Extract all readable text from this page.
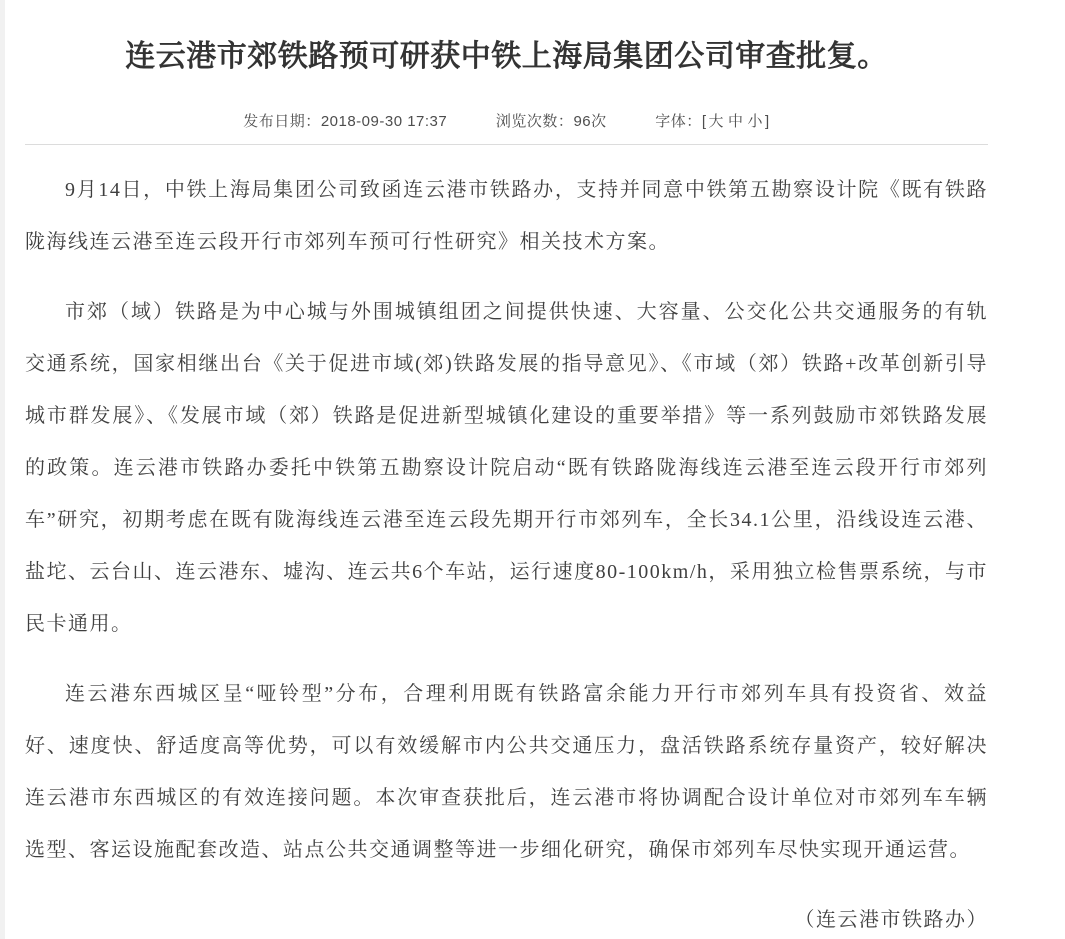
连云港市郊铁路预可研获中铁上海局集团公司审查批复。
发布日期：2018-09-30 17:37	浏览次数：96次	字体：[ 大 中 小 ]

9月14日，中铁上海局集团公司致函连云港市铁路办，支持并同意中铁第五勘察设计院《既有铁路陇海线连云港至连云段开行市郊列车预可行性研究》相关技术方案。

市郊（域）铁路是为中心城与外围城镇组团之间提供快速、大容量、公交化公共交通服务的有轨交通系统，国家相继出台《关于促进市域(郊)铁路发展的指导意见》、《市域（郊）铁路+改革创新引导城市群发展》、《发展市域（郊）铁路是促进新型城镇化建设的重要举措》等一系列鼓励市郊铁路发展的政策。连云港市铁路办委托中铁第五勘察设计院启动“既有铁路陇海线连云港至连云段开行市郊列车”研究，初期考虑在既有陇海线连云港至连云段先期开行市郊列车，全长34.1公里，沿线设连云港、盐坨、云台山、连云港东、墟沟、连云共6个车站，运行速度80-100km/h，采用独立检售票系统，与市民卡通用。

连云港东西城区呈“哑铃型”分布，合理利用既有铁路富余能力开行市郊列车具有投资省、效益好、速度快、舒适度高等优势，可以有效缓解市内公共交通压力，盘活铁路系统存量资产，较好解决连云港市东西城区的有效连接问题。本次审查获批后，连云港市将协调配合设计单位对市郊列车车辆选型、客运设施配套改造、站点公共交通调整等进一步细化研究，确保市郊列车尽快实现开通运营。

（连云港市铁路办）
